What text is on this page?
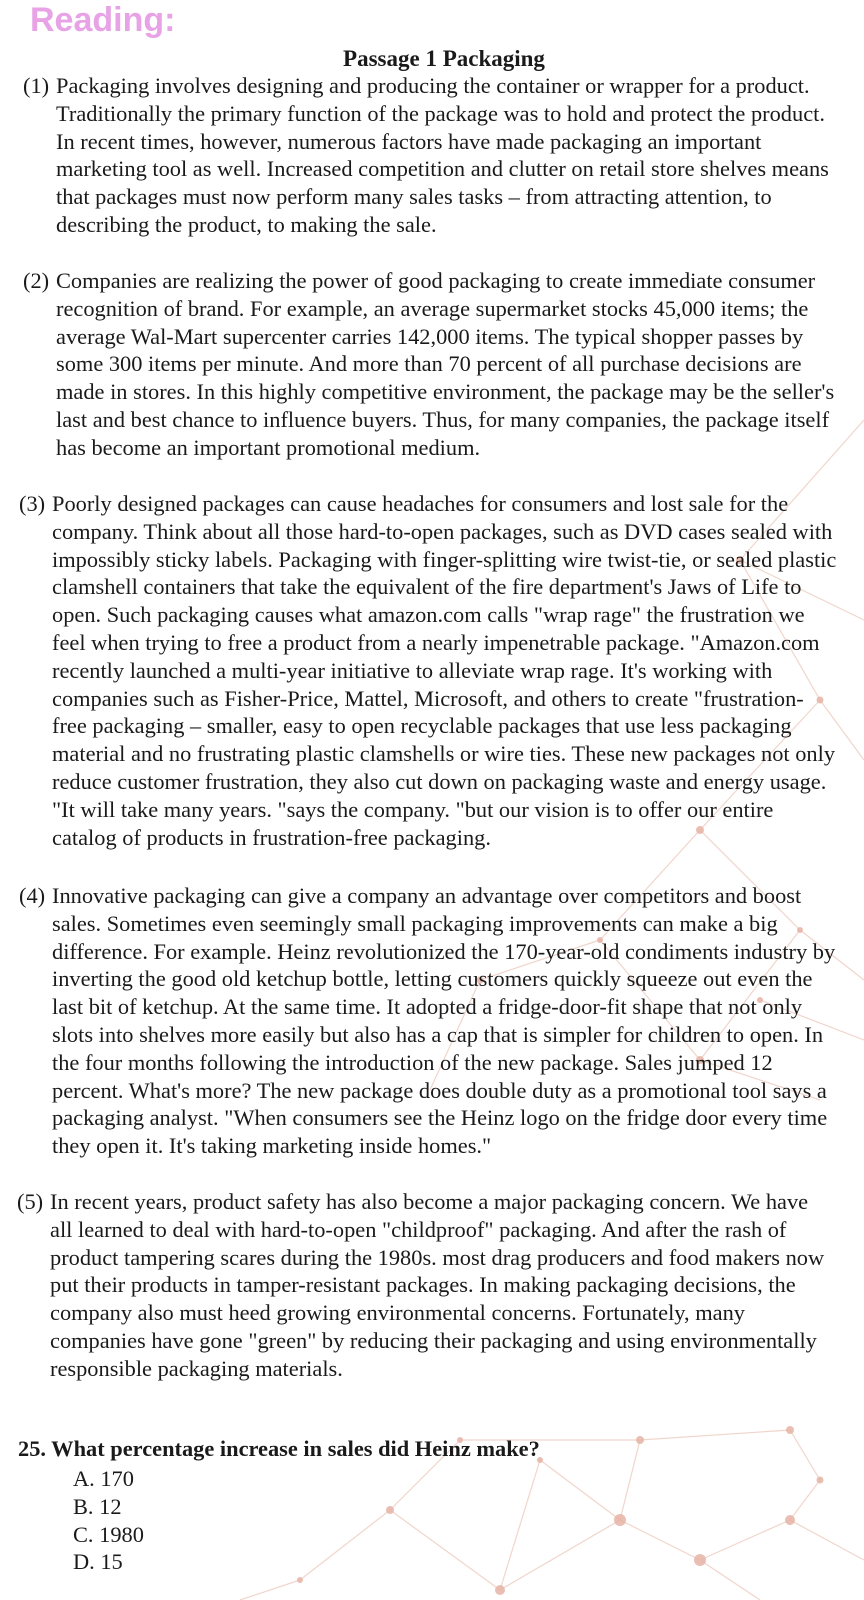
Reading:
Passage 1 Packaging

(1) Packaging involves designing and producing the container or wrapper for a product. Traditionally the primary function of the package was to hold and protect the product. In recent times, however, numerous factors have made packaging an important marketing tool as well. Increased competition and clutter on retail store shelves means that packages must now perform many sales tasks – from attracting attention, to describing the product, to making the sale.

(2) Companies are realizing the power of good packaging to create immediate consumer recognition of brand. For example, an average supermarket stocks 45,000 items; the average Wal-Mart supercenter carries 142,000 items. The typical shopper passes by some 300 items per minute. And more than 70 percent of all purchase decisions are made in stores. In this highly competitive environment, the package may be the seller's last and best chance to influence buyers. Thus, for many companies, the package itself has become an important promotional medium.

(3) Poorly designed packages can cause headaches for consumers and lost sale for the company. Think about all those hard-to-open packages, such as DVD cases sealed with impossibly sticky labels. Packaging with finger-splitting wire twist-tie, or sealed plastic clamshell containers that take the equivalent of the fire department's Jaws of Life to open. Such packaging causes what amazon.com calls "wrap rage" the frustration we feel when trying to free a product from a nearly impenetrable package. "Amazon.com recently launched a multi-year initiative to alleviate wrap rage. It's working with companies such as Fisher-Price, Mattel, Microsoft, and others to create "frustration-free packaging – smaller, easy to open recyclable packages that use less packaging material and no frustrating plastic clamshells or wire ties. These new packages not only reduce customer frustration, they also cut down on packaging waste and energy usage. "It will take many years. "says the company. "but our vision is to offer our entire catalog of products in frustration-free packaging.

(4) Innovative packaging can give a company an advantage over competitors and boost sales. Sometimes even seemingly small packaging improvements can make a big difference. For example. Heinz revolutionized the 170-year-old condiments industry by inverting the good old ketchup bottle, letting customers quickly squeeze out even the last bit of ketchup. At the same time. It adopted a fridge-door-fit shape that not only slots into shelves more easily but also has a cap that is simpler for children to open. In the four months following the introduction of the new package. Sales jumped 12 percent. What's more? The new package does double duty as a promotional tool says a packaging analyst. "When consumers see the Heinz logo on the fridge door every time they open it. It's taking marketing inside homes."

(5) In recent years, product safety has also become a major packaging concern. We have all learned to deal with hard-to-open "childproof" packaging. And after the rash of product tampering scares during the 1980s. most drag producers and food makers now put their products in tamper-resistant packages. In making packaging decisions, the company also must heed growing environmental concerns. Fortunately, many companies have gone "green" by reducing their packaging and using environmentally responsible packaging materials.

25. What percentage increase in sales did Heinz make?
A. 170
B. 12
C. 1980
D. 15
